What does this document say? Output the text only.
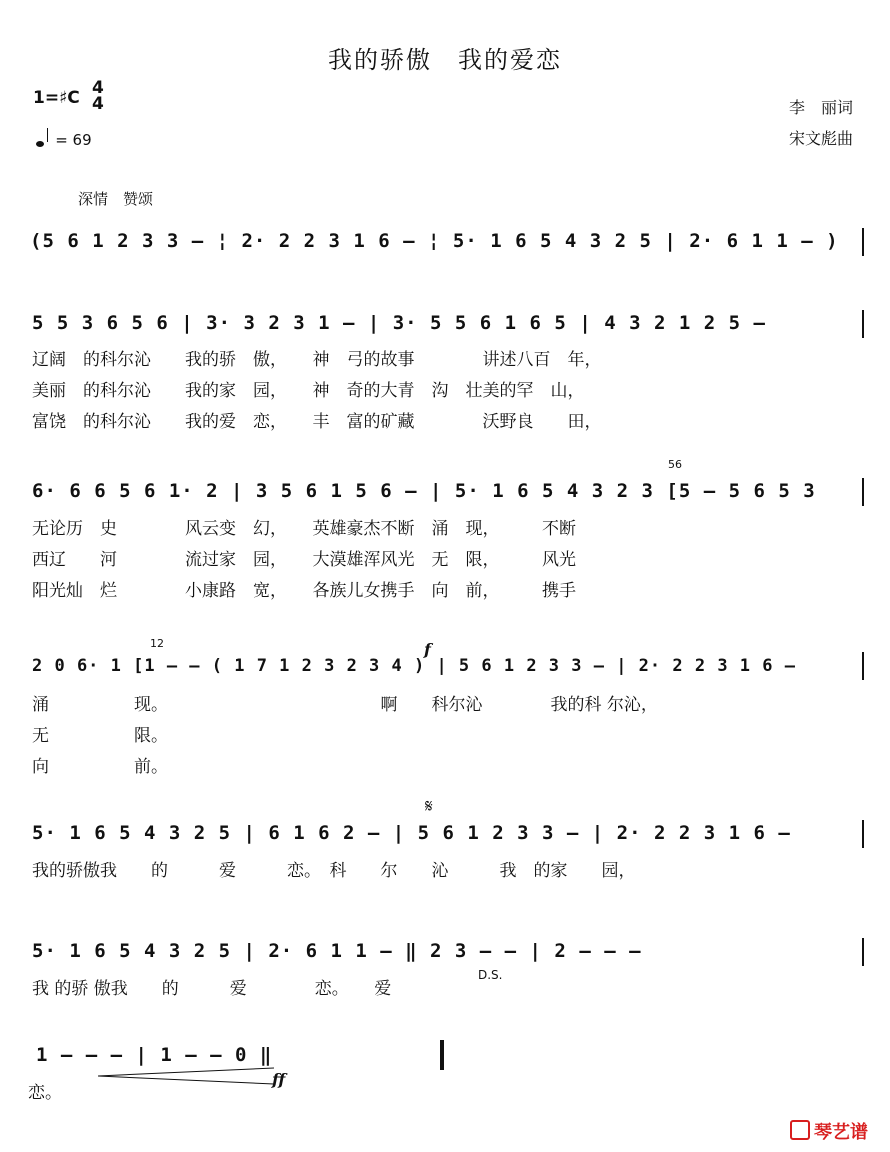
我的骄傲　我的爱恋
1=♯C 4
4
= 69
李　丽词
宋文彪曲
深情　赞颂
(5 6 1 2 3 3 – ¦ 2· 2 2 3 1 6 – ¦ 5· 1 6 5 4 3 2 5 | 2· 6 1 1 – )
5 5 3 6 5 6 | 3· 3 2 3 1 – | 3· 5 5 6 1 6 5 | 4 3 2 1 2 5 –
辽阔　的科尔沁　　我的骄　傲，　　神　弓的故事　　　　讲述八百　年，
美丽　的科尔沁　　我的家　园，　　神　奇的大青　沟　壮美的罕　山，
富饶　的科尔沁　　我的爱　恋，　　丰　富的矿藏　　　　沃野良　　田，
56
6· 6 6 5 6 1· 2 | 3 5 6 1 5 6 – | 5· 1 6 5 4 3 2 3 [5 – 5 6 5 3
无论历　史　　　　风云变　幻，　　英雄豪杰不断　涌　现，　　　不断
西辽　　河　　　　流过家　园，　　大漠雄浑风光　无　限，　　　风光
阳光灿　烂　　　　小康路　宽，　　各族儿女携手　向　前，　　　携手
12	f
2 0 6· 1 [1 – – ( 1 7 1 2 3 2 3 4 ) | 5 6 1 2 3 3 – | 2· 2 2 3 1 6 –
涌　　　　　现。　　　　　　　　　　　　　啊　　科尔沁　　　　我的科 尔沁，
无　　　　　限。
向　　　　　前。
𝄋
5· 1 6 5 4 3 2 5 | 6 1 6 2 – | 5 6 1 2 3 3 – | 2· 2 2 3 1 6 –
我的骄傲我　　的　　　爱　　　恋。　科　　尔　　沁　　　我　的家　　园，
5· 1 6 5 4 3 2 5 | 2· 6 1 1 – ‖ 2 3 – – | 2 – – –
我 的骄 傲我　　的　　　爱　　　　恋。　　爱
D.S.
1 – – – | 1 – – 0 ‖
恋。
ff
琴艺谱
